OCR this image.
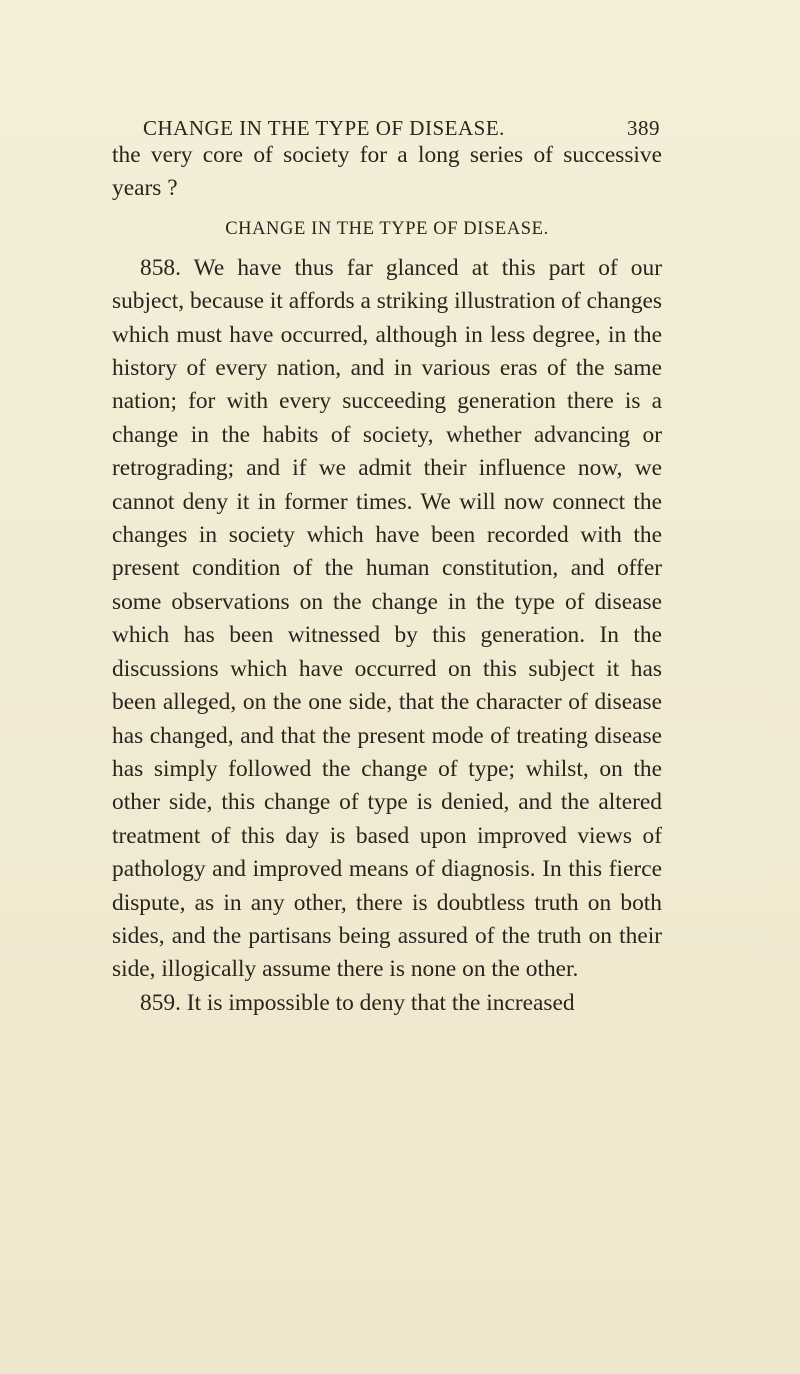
CHANGE IN THE TYPE OF DISEASE.	389

the very core of society for a long series of successive years ?

CHANGE IN THE TYPE OF DISEASE.

858. We have thus far glanced at this part of our subject, because it affords a striking illustration of changes which must have occurred, although in less degree, in the history of every nation, and in various eras of the same nation; for with every succeeding generation there is a change in the habits of society, whether advancing or retrograding; and if we admit their influence now, we cannot deny it in former times. We will now connect the changes in society which have been recorded with the present condition of the human constitution, and offer some observations on the change in the type of disease which has been witnessed by this generation. In the discussions which have occurred on this subject it has been alleged, on the one side, that the character of disease has changed, and that the present mode of treating disease has simply followed the change of type; whilst, on the other side, this change of type is denied, and the altered treatment of this day is based upon improved views of pathology and improved means of diagnosis. In this fierce dispute, as in any other, there is doubtless truth on both sides, and the partisans being assured of the truth on their side, illogically assume there is none on the other.

859. It is impossible to deny that the increased
